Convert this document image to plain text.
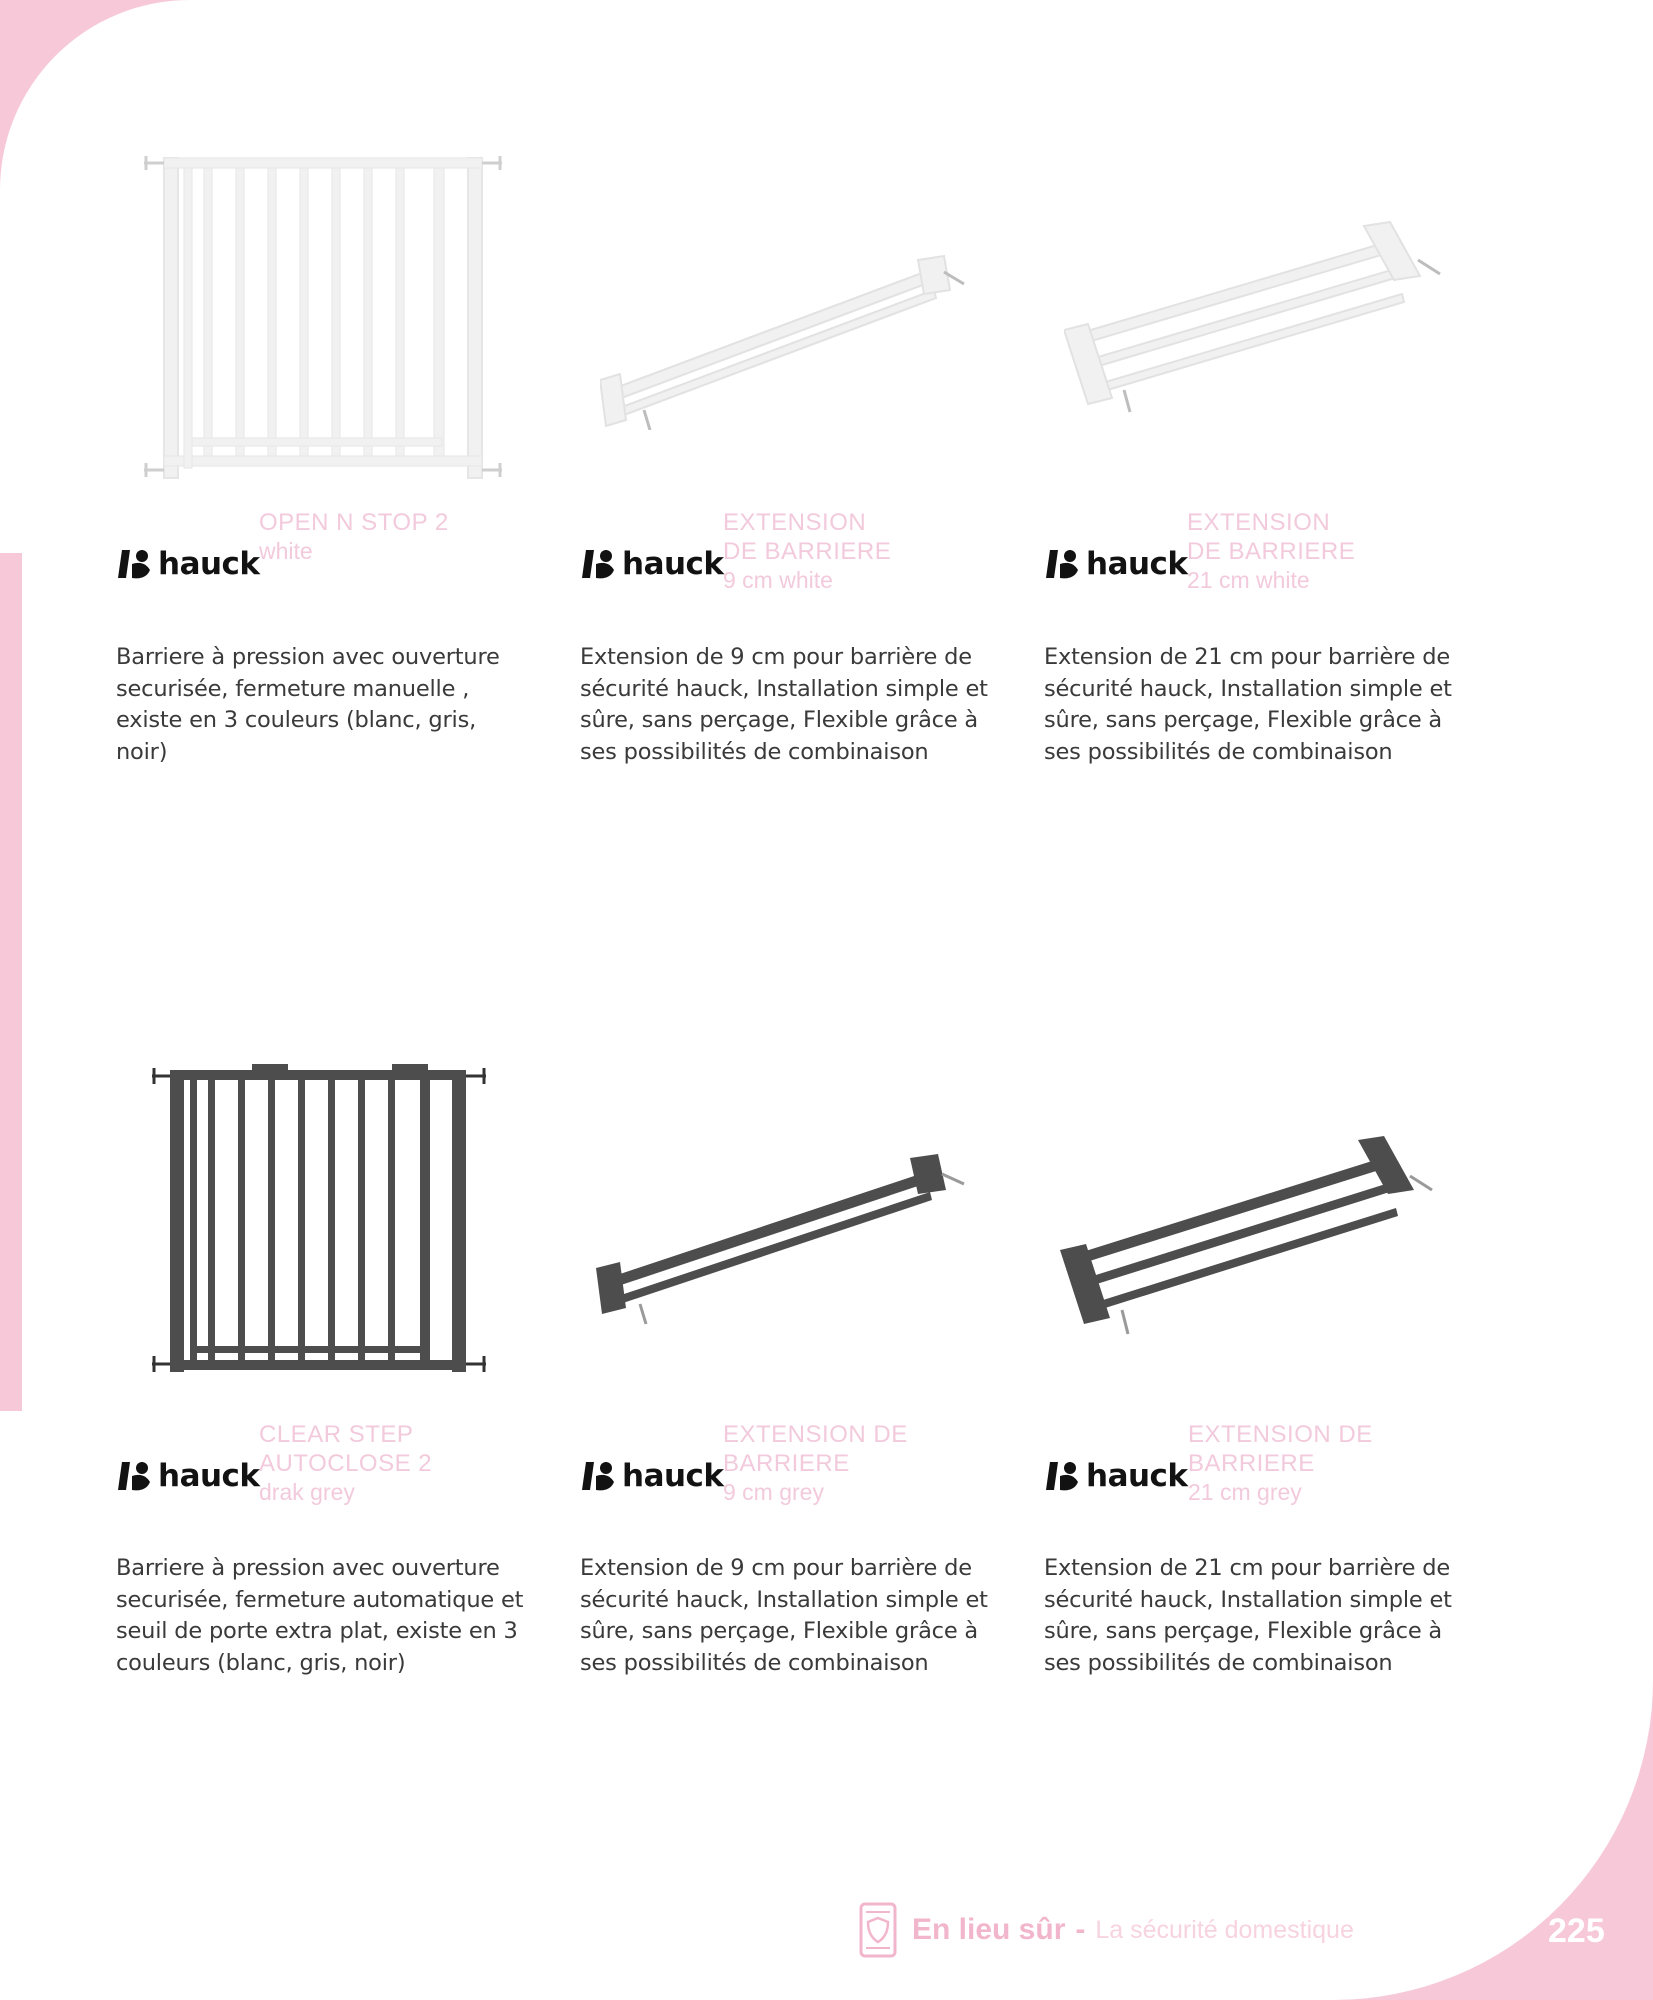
hauck
OPEN N STOP 2
white
Barriere à pression avec ouverture securisée, fermeture manuelle , existe en 3 couleurs (blanc, gris, noir)
hauck
EXTENSION
DE BARRIERE
9 cm white
Extension de 9 cm pour barrière de sécurité hauck, Installation simple et sûre, sans perçage, Flexible grâce à ses possibilités de combinaison
hauck
EXTENSION
DE BARRIERE
21 cm white
Extension de 21 cm pour barrière de sécurité hauck, Installation simple et sûre, sans perçage, Flexible grâce à ses possibilités de combinaison
hauck
CLEAR STEP
AUTOCLOSE 2
drak grey
Barriere à pression avec ouverture securisée, fermeture automatique et seuil de porte extra plat, existe en 3 couleurs (blanc, gris, noir)
hauck
EXTENSION DE
BARRIERE
9 cm grey
Extension de 9 cm pour barrière de sécurité hauck, Installation simple et sûre, sans perçage, Flexible grâce à ses possibilités de combinaison
hauck
EXTENSION DE
BARRIERE
21 cm grey
Extension de 21 cm pour barrière de sécurité hauck, Installation simple et sûre, sans perçage, Flexible grâce à ses possibilités de combinaison
En lieu sûr - La sécurité domestique	225
